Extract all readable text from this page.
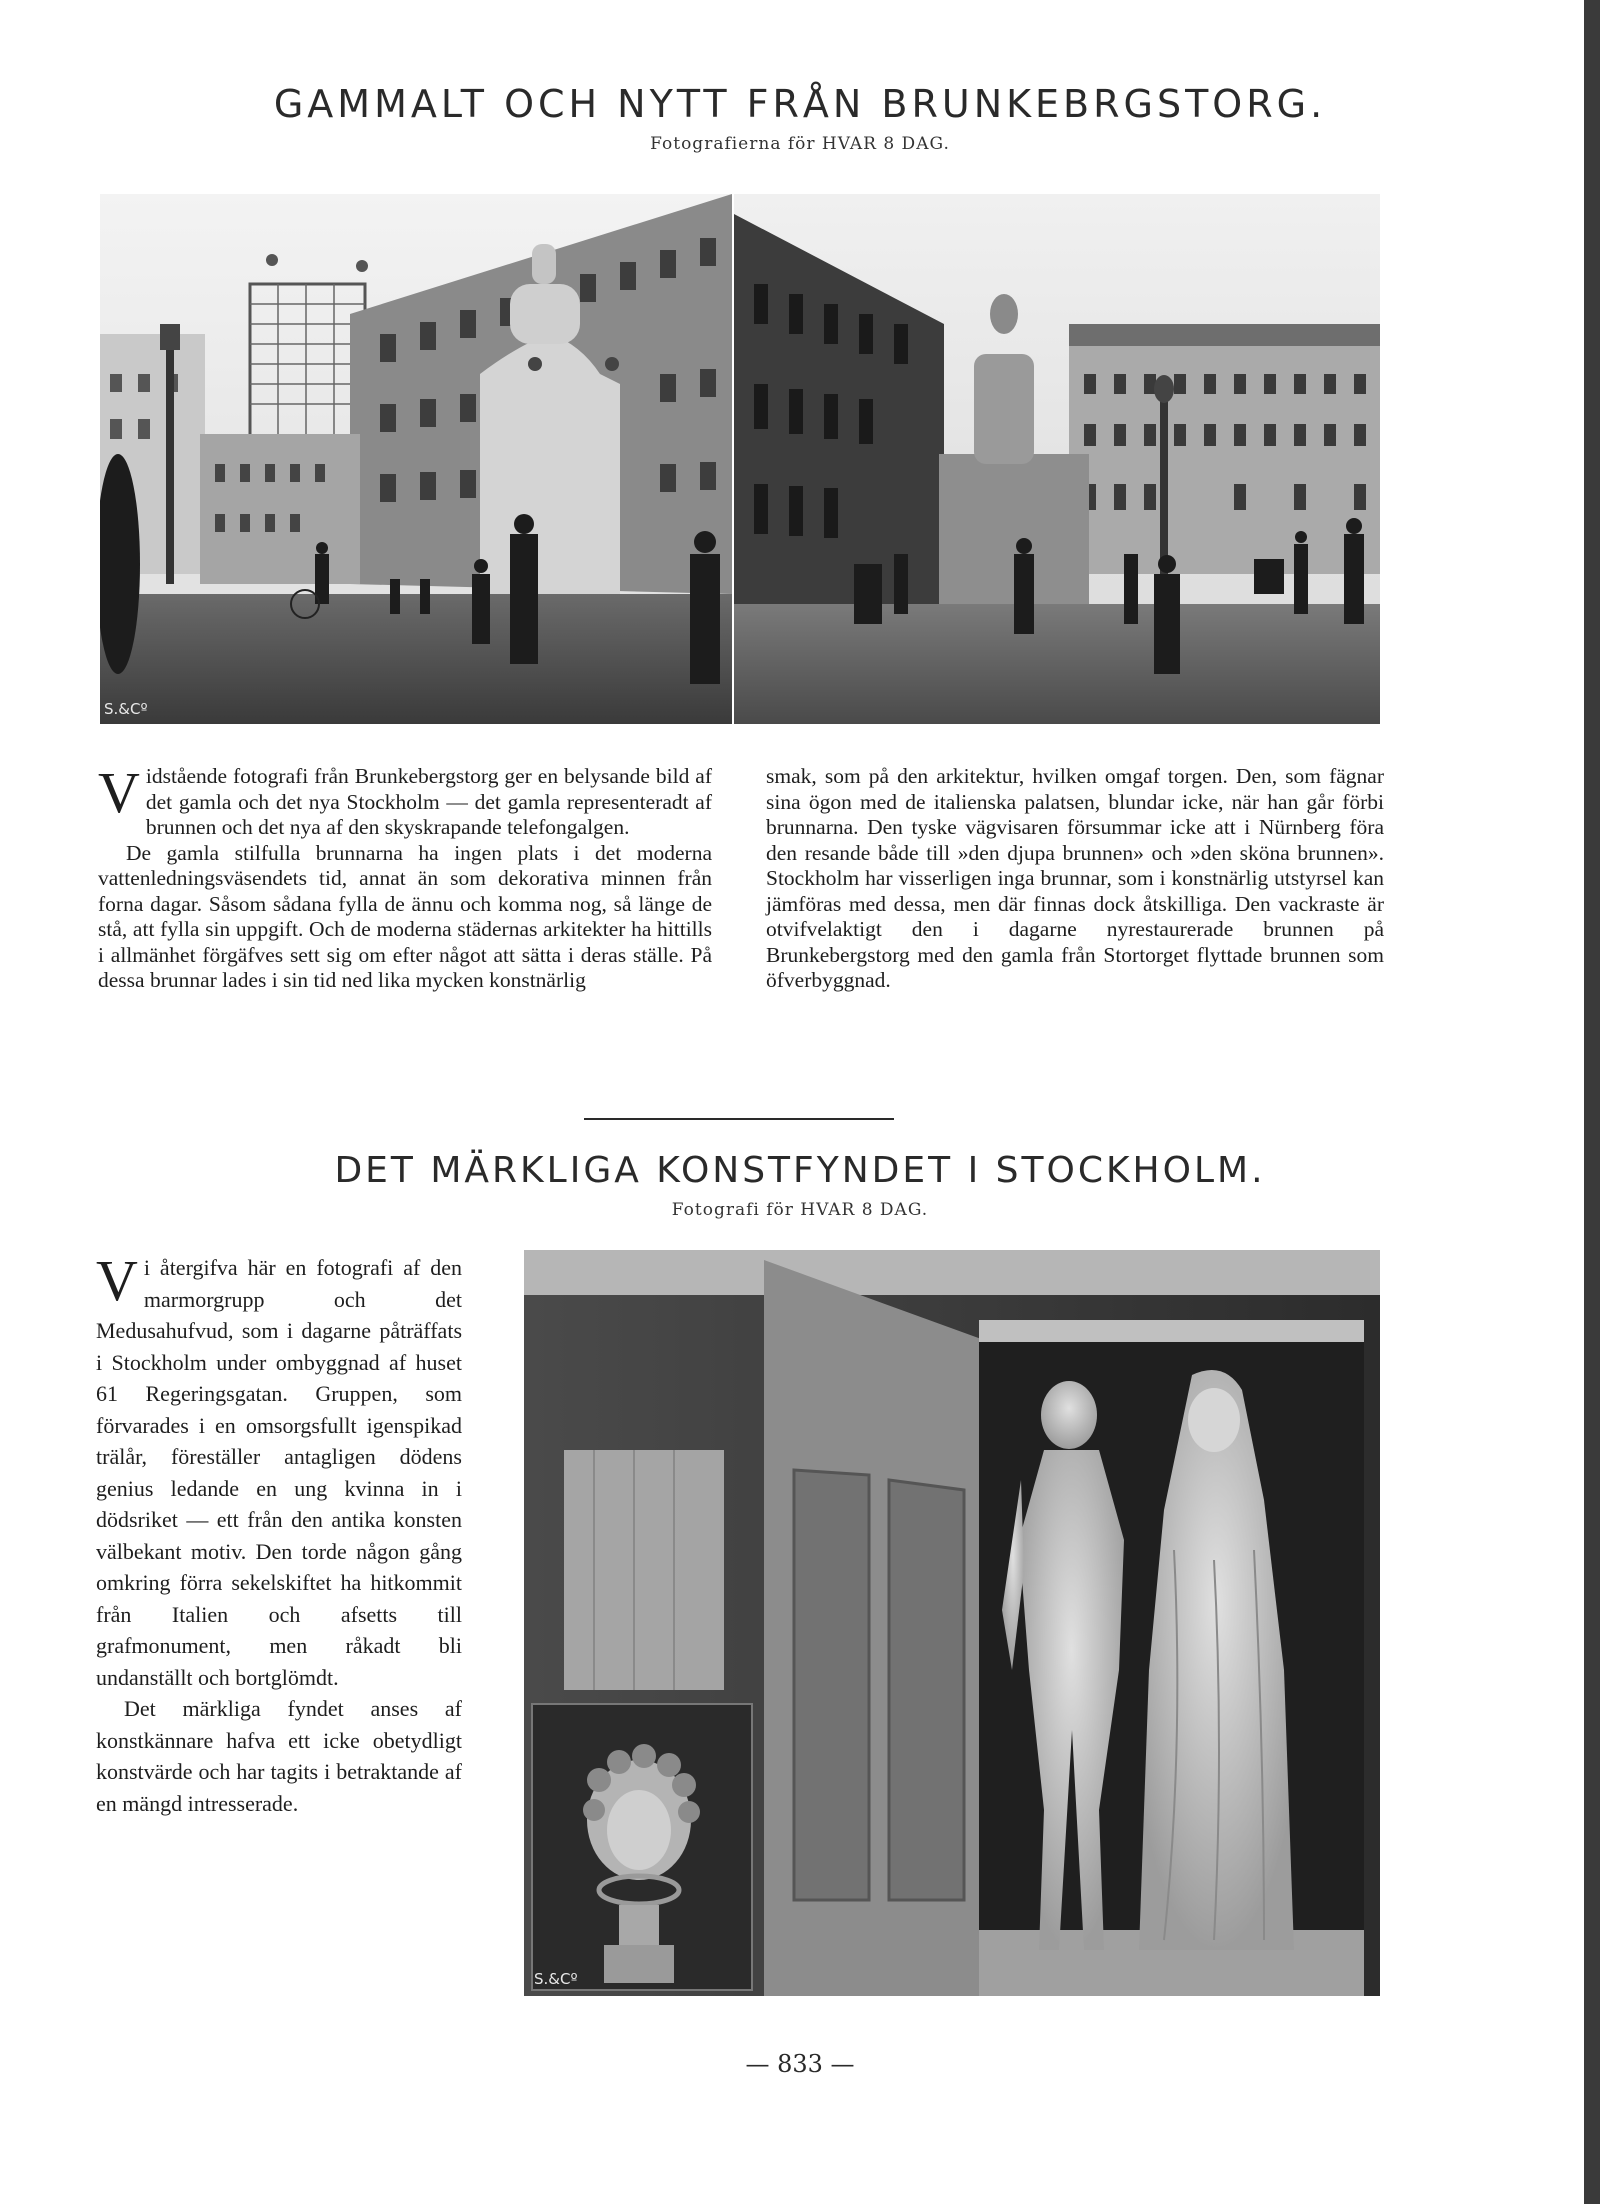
GAMMALT OCH NYTT FRÅN BRUNKEBRGSTORG.
Fotografierna för HVAR 8 DAG.
S.&Cº

Vidstående fotografi från Brunkebergstorg ger en belysande bild af det gamla och det nya Stockholm — det gamla representeradt af brunnen och det nya af den skyskrapande telefongalgen.

De gamla stilfulla brunnarna ha ingen plats i det moderna vattenledningsväsendets tid, annat än som dekorativa minnen från forna dagar. Såsom sådana fylla de ännu och komma nog, så länge de stå, att fylla sin uppgift. Och de moderna städernas arkitekter ha hittills i allmänhet förgäfves sett sig om efter något att sätta i deras ställe. På dessa brunnar lades i sin tid ned lika mycken konstnärlig

smak, som på den arkitektur, hvilken omgaf torgen. Den, som fägnar sina ögon med de italienska palatsen, blundar icke, när han går förbi brunnarna. Den tyske vägvisaren försummar icke att i Nürnberg föra den resande både till »den djupa brunnen» och »den sköna brunnen». Stockholm har visserligen inga brunnar, som i konstnärlig utstyrsel kan jämföras med dessa, men där finnas dock åtskilliga. Den vackraste är otvifvelaktigt den i dagarne nyrestaurerade brunnen på Brunkebergstorg med den gamla från Stortorget flyttade brunnen som öfverbyggnad.

DET MÄRKLIGA KONSTFYNDET I STOCKHOLM.
Fotografi för HVAR 8 DAG.

Vi återgifva här en fotografi af den marmorgrupp och det Medusahufvud, som i dagarne påträffats i Stockholm under ombyggnad af huset 61 Regeringsgatan. Gruppen, som förvarades i en omsorgsfullt igenspikad trälår, föreställer antagligen dödens genius ledande en ung kvinna in i dödsriket — ett från den antika konsten välbekant motiv. Den torde någon gång omkring förra sekelskiftet ha hitkommit från Italien och afsetts till grafmonument, men råkadt bli undanställt och bortglömdt.

Det märkliga fyndet anses af konstkännare hafva ett icke obetydligt konstvärde och har tagits i betraktande af en mängd intresserade.

S.&Cº
— 833 —
